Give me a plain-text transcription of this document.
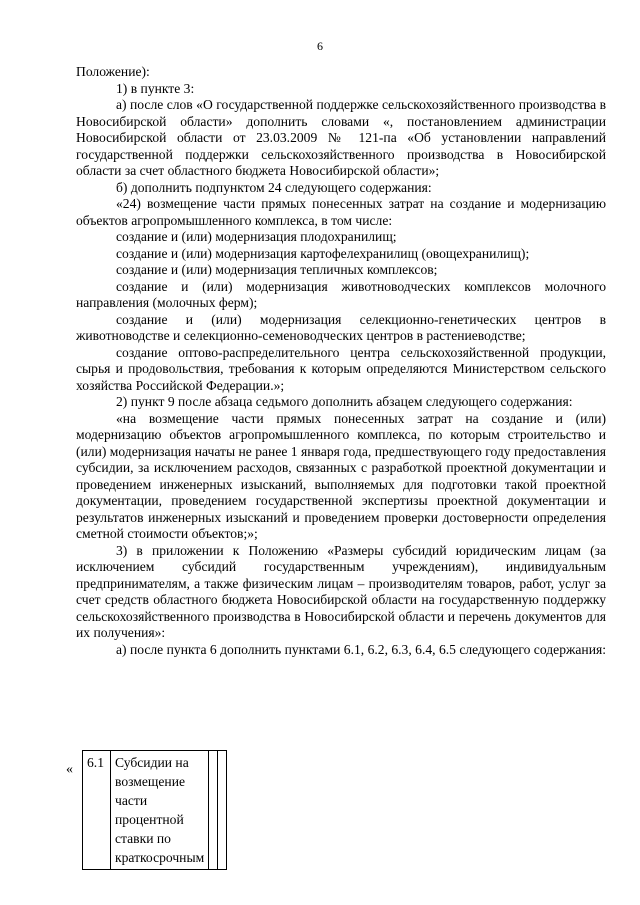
6

Положение):

1) в пункте 3:

а) после слов «О государственной поддержке сельскохозяйственного производства в Новосибирской области» дополнить словами «, постановлением администрации Новосибирской области от 23.03.2009 № 121-па «Об установлении направлений государственной поддержки сельскохозяйственного производства в Новосибирской области за счет областного бюджета Новосибирской области»;

б) дополнить подпунктом 24 следующего содержания:

«24) возмещение части прямых понесенных затрат на создание и модернизацию объектов агропромышленного комплекса, в том числе:

создание и (или) модернизация плодохранилищ;

создание и (или) модернизация картофелехранилищ (овощехранилищ);

создание и (или) модернизация тепличных комплексов;

создание и (или) модернизация животноводческих комплексов молочного направления (молочных ферм);

создание и (или) модернизация селекционно-генетических центров в животноводстве и селекционно-семеноводческих центров в растениеводстве;

создание оптово-распределительного центра сельскохозяйственной продукции, сырья и продовольствия, требования к которым определяются Министерством сельского хозяйства Российской Федерации.»;

2) пункт 9 после абзаца седьмого дополнить абзацем следующего содержания:

«на возмещение части прямых понесенных затрат на создание и (или) модернизацию объектов агропромышленного комплекса, по которым строительство и (или) модернизация начаты не ранее 1 января года, предшествующего году предоставления субсидии, за исключением расходов, связанных с разработкой проектной документации и проведением инженерных изысканий, выполняемых для подготовки такой проектной документации, проведением государственной экспертизы проектной документации и результатов инженерных изысканий и проведением проверки достоверности определения сметной стоимости объектов;»;

3) в приложении к Положению «Размеры субсидий юридическим лицам (за исключением субсидий государственным учреждениям), индивидуальным предпринимателям, а также физическим лицам – производителям товаров, работ, услуг за счет средств областного бюджета Новосибирской области на государственную поддержку сельскохозяйственного производства в Новосибирской области и перечень документов для их получения»:

а) после пункта 6 дополнить пунктами 6.1, 6.2, 6.3, 6.4, 6.5 следующего содержания:

« 6.1	Субсидии на возмещение части процентной ставки по краткосрочным		
